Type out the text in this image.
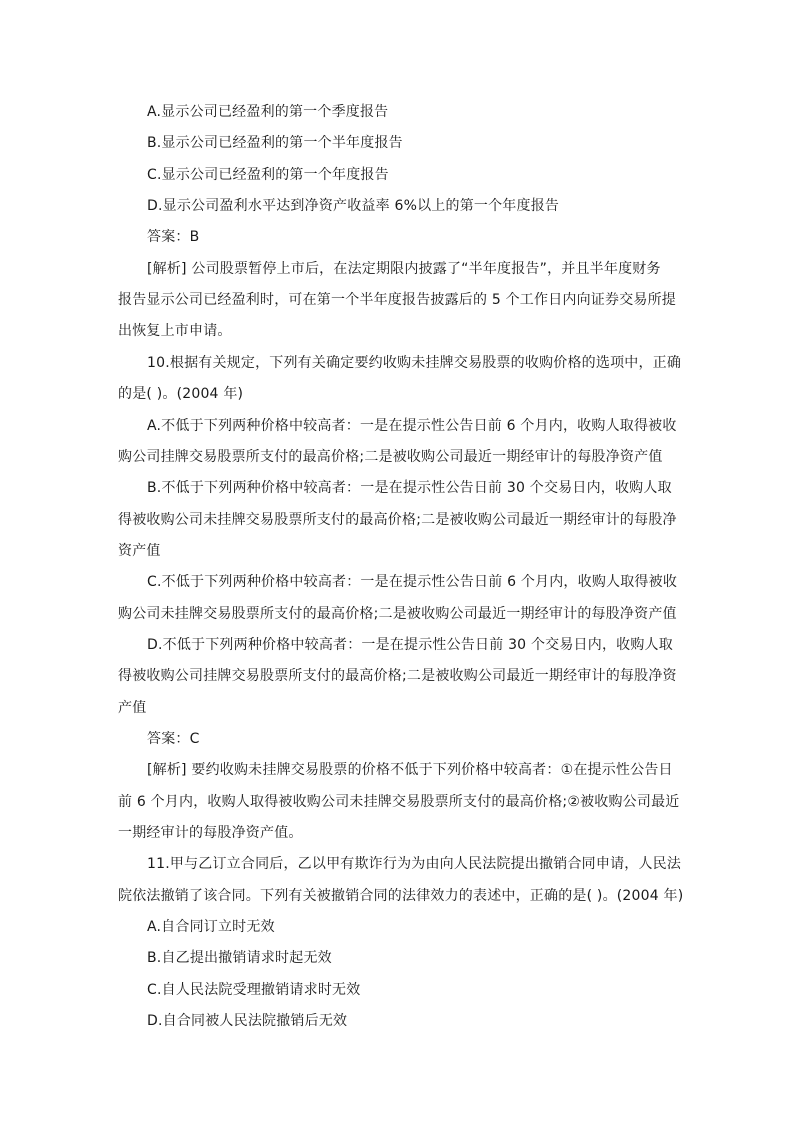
A.显示公司已经盈利的第一个季度报告
B.显示公司已经盈利的第一个半年度报告
C.显示公司已经盈利的第一个年度报告
D.显示公司盈利水平达到净资产收益率 6%以上的第一个年度报告
答案：B
[解析] 公司股票暂停上市后，在法定期限内披露了“半年度报告”，并且半年度财务
报告显示公司已经盈利时，可在第一个半年度报告披露后的 5 个工作日内向证券交易所提
出恢复上市申请。
10.根据有关规定，下列有关确定要约收购未挂牌交易股票的收购价格的选项中，正确
的是( )。(2004 年)
A.不低于下列两种价格中较高者：一是在提示性公告日前 6 个月内，收购人取得被收
购公司挂牌交易股票所支付的最高价格;二是被收购公司最近一期经审计的每股净资产值
B.不低于下列两种价格中较高者：一是在提示性公告日前 30 个交易日内，收购人取
得被收购公司未挂牌交易股票所支付的最高价格;二是被收购公司最近一期经审计的每股净
资产值
C.不低于下列两种价格中较高者：一是在提示性公告日前 6 个月内，收购人取得被收
购公司未挂牌交易股票所支付的最高价格;二是被收购公司最近一期经审计的每股净资产值
D.不低于下列两种价格中较高者：一是在提示性公告日前 30 个交易日内，收购人取
得被收购公司挂牌交易股票所支付的最高价格;二是被收购公司最近一期经审计的每股净资
产值
答案：C
[解析] 要约收购未挂牌交易股票的价格不低于下列价格中较高者：①在提示性公告日
前 6 个月内，收购人取得被收购公司未挂牌交易股票所支付的最高价格;②被收购公司最近
一期经审计的每股净资产值。
11.甲与乙订立合同后，乙以甲有欺诈行为为由向人民法院提出撤销合同申请，人民法
院依法撤销了该合同。下列有关被撤销合同的法律效力的表述中，正确的是( )。(2004 年)
A.自合同订立时无效
B.自乙提出撤销请求时起无效
C.自人民法院受理撤销请求时无效
D.自合同被人民法院撤销后无效
